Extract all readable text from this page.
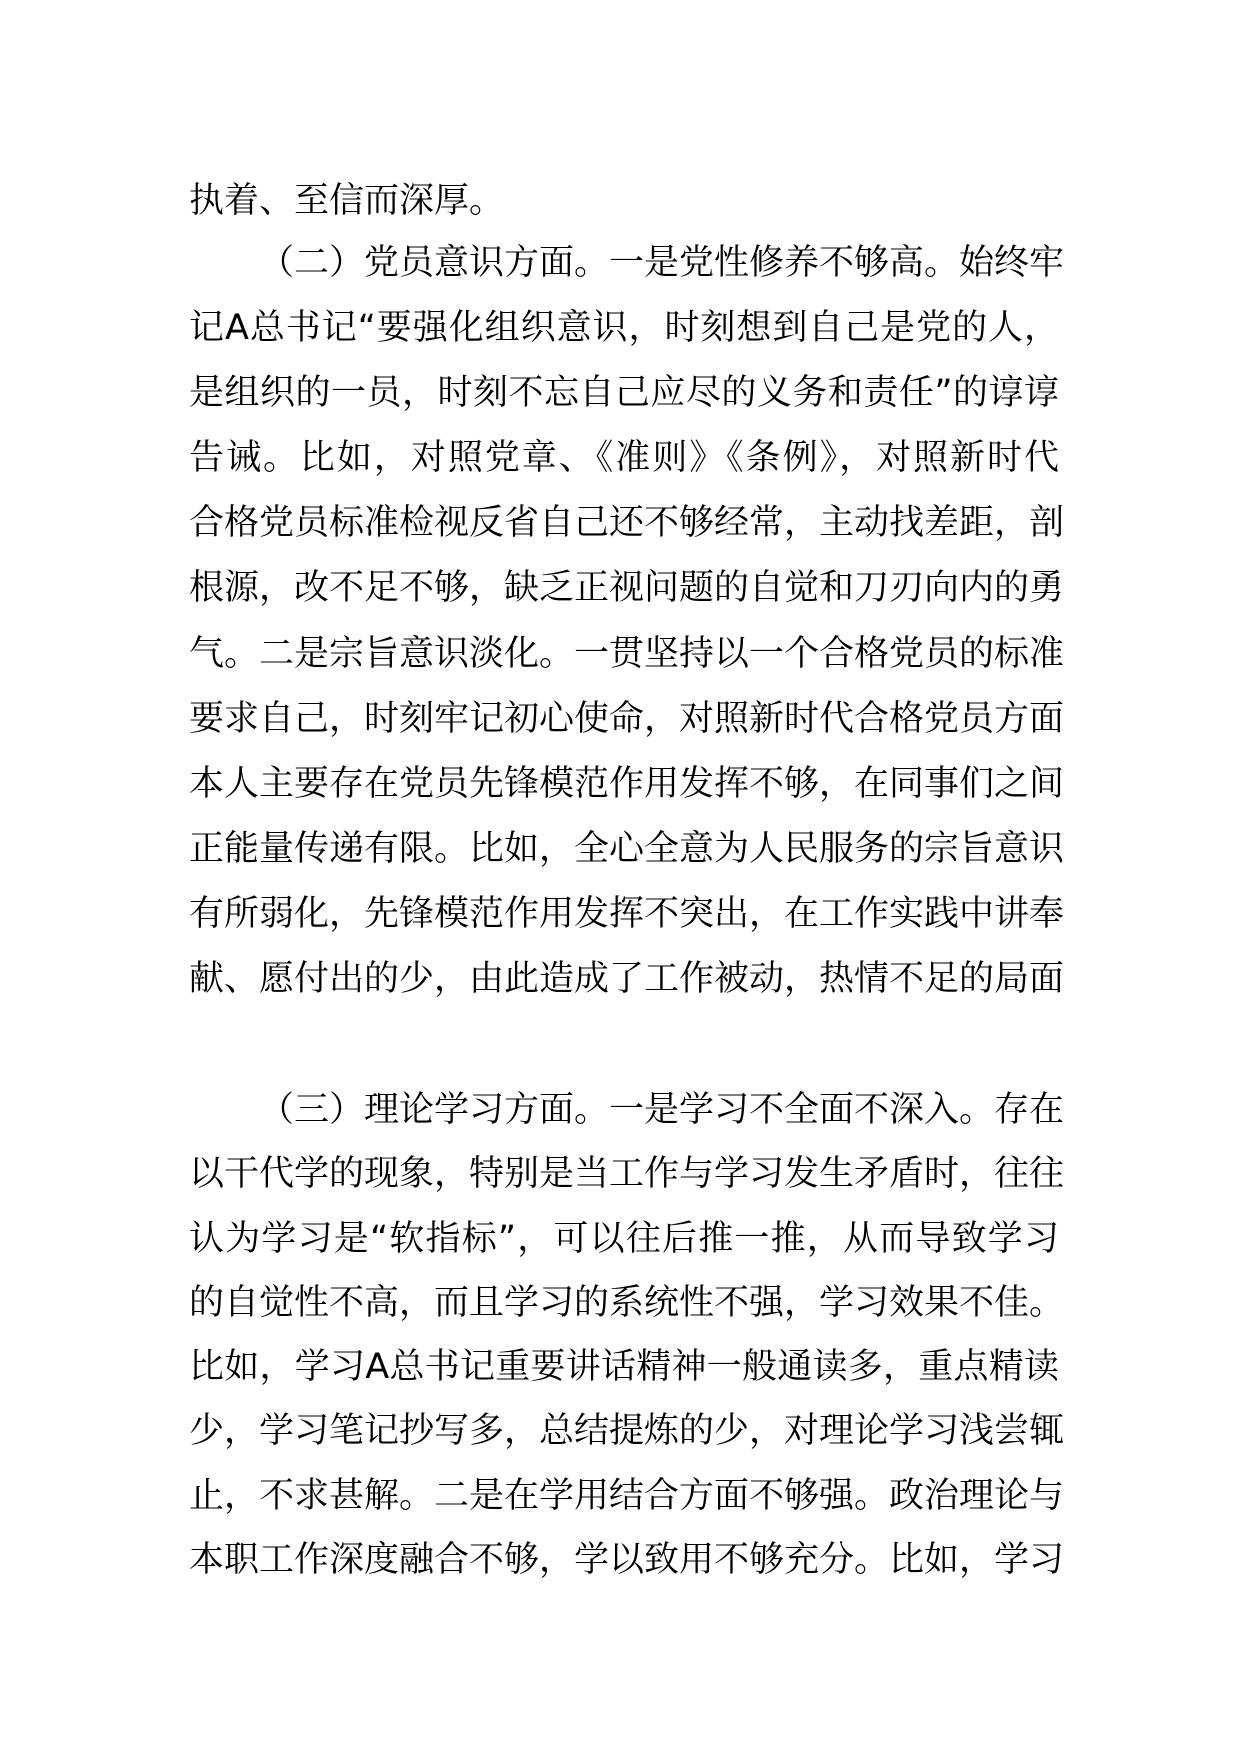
执着、至信而深厚。
（二）党员意识方面。一是党性修养不够高。始终牢
记A总书记“要强化组织意识，时刻想到自己是党的人，
是组织的一员，时刻不忘自己应尽的义务和责任”的谆谆
告诫。比如，对照党章、《准则》《条例》，对照新时代
合格党员标准检视反省自己还不够经常，主动找差距，剖
根源，改不足不够，缺乏正视问题的自觉和刀刃向内的勇
气。二是宗旨意识淡化。一贯坚持以一个合格党员的标准
要求自己，时刻牢记初心使命，对照新时代合格党员方面
本人主要存在党员先锋模范作用发挥不够，在同事们之间
正能量传递有限。比如，全心全意为人民服务的宗旨意识
有所弱化，先锋模范作用发挥不突出，在工作实践中讲奉
献、愿付出的少，由此造成了工作被动，热情不足的局面
（三）理论学习方面。一是学习不全面不深入。存在
以干代学的现象，特别是当工作与学习发生矛盾时，往往
认为学习是“软指标”，可以往后推一推，从而导致学习
的自觉性不高，而且学习的系统性不强，学习效果不佳。
比如，学习A总书记重要讲话精神一般通读多，重点精读
少，学习笔记抄写多，总结提炼的少，对理论学习浅尝辄
止，不求甚解。二是在学用结合方面不够强。政治理论与
本职工作深度融合不够，学以致用不够充分。比如，学习
